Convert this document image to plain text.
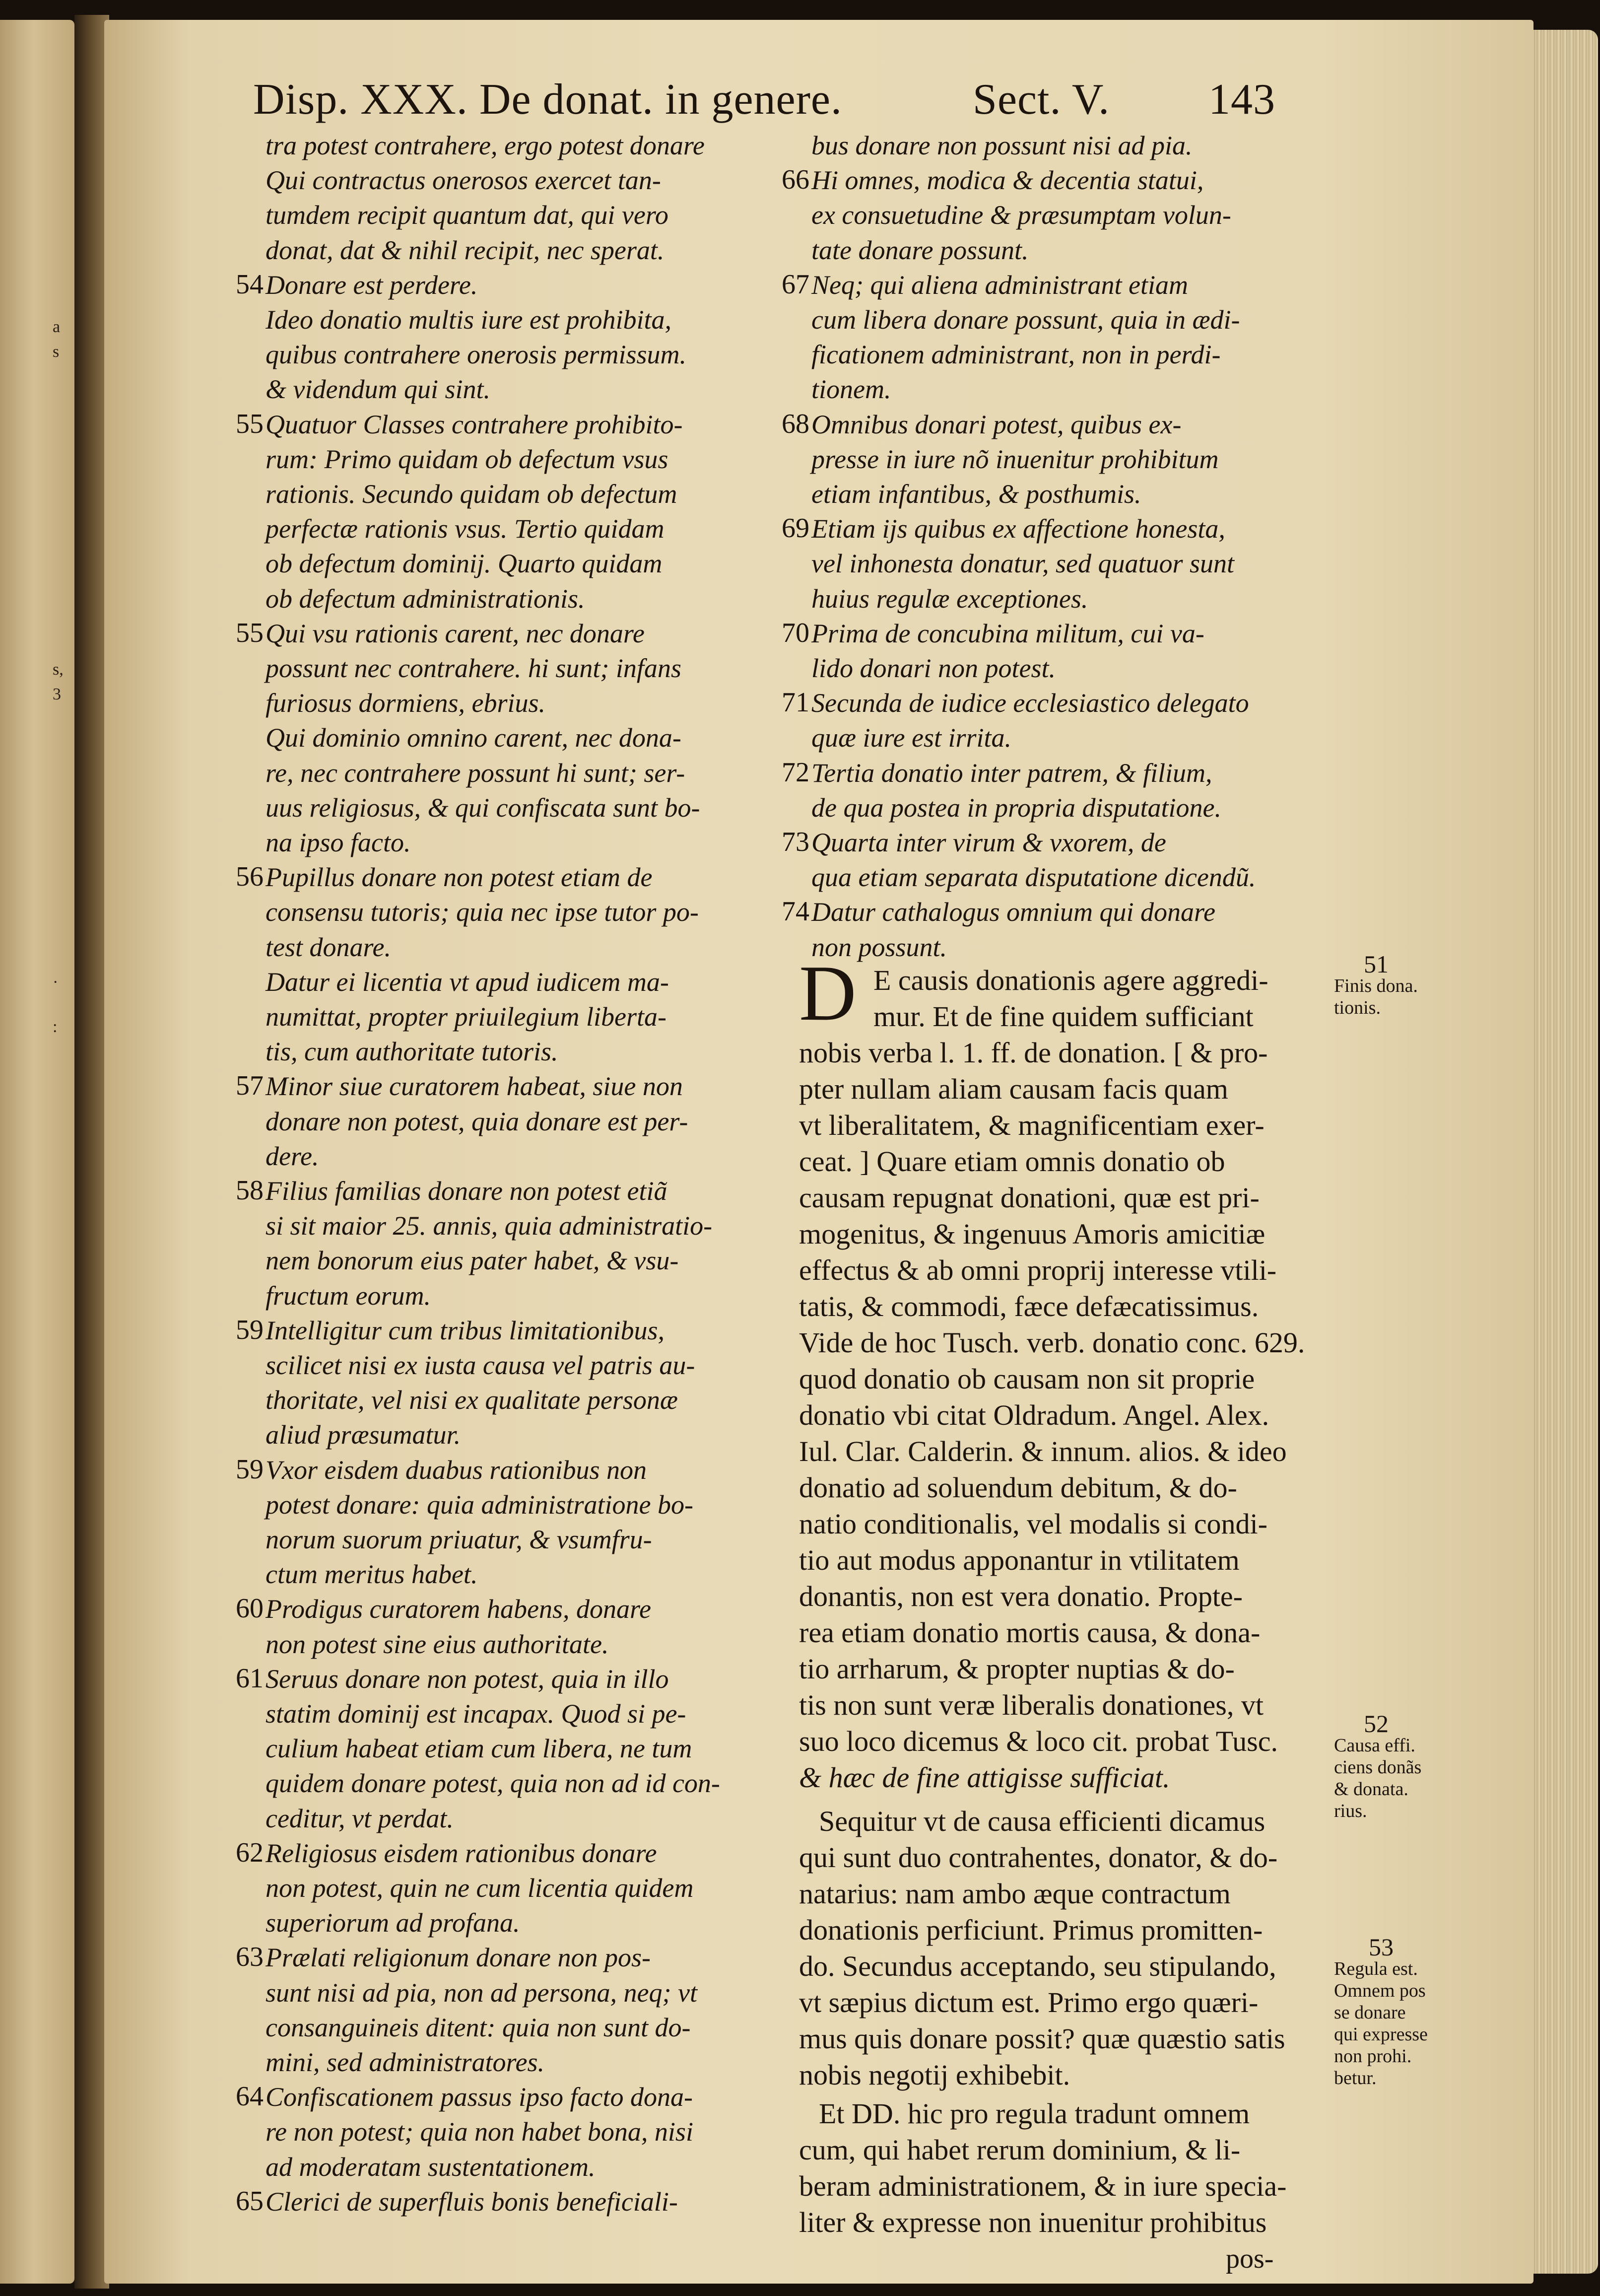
a
s
s,
3
·
:
Disp. XXX. De donat. in genere.	Sect. V. 143
tra potest contrahere, ergo potest donare
Qui contractus onerosos exercet tan-
tumdem recipit quantum dat, qui vero
donat, dat & nihil recipit, nec sperat.
54 Donare est perdere.
Ideo donatio multis iure est prohibita,
quibus contrahere onerosis permissum.
& videndum qui sint.
55 Quatuor Classes contrahere prohibito-
rum: Primo quidam ob defectum vsus
rationis. Secundo quidam ob defectum
perfectæ rationis vsus. Tertio quidam
ob defectum dominij. Quarto quidam
ob defectum administrationis.
55 Qui vsu rationis carent, nec donare
possunt nec contrahere. hi sunt; infans
furiosus dormiens, ebrius.
Qui dominio omnino carent, nec dona-
re, nec contrahere possunt hi sunt; ser-
uus religiosus, & qui confiscata sunt bo-
na ipso facto.
56 Pupillus donare non potest etiam de
consensu tutoris; quia nec ipse tutor po-
test donare.
Datur ei licentia vt apud iudicem ma-
numittat, propter priuilegium liberta-
tis, cum authoritate tutoris.
57 Minor siue curatorem habeat, siue non
donare non potest, quia donare est per-
dere.
58 Filius familias donare non potest etiã
si sit maior 25. annis, quia administratio-
nem bonorum eius pater habet, & vsu-
fructum eorum.
59 Intelligitur cum tribus limitationibus,
scilicet nisi ex iusta causa vel patris au-
thoritate, vel nisi ex qualitate personæ
aliud præsumatur.
59 Vxor eisdem duabus rationibus non
potest donare: quia administratione bo-
norum suorum priuatur, & vsumfru-
ctum meritus habet.
60 Prodigus curatorem habens, donare
non potest sine eius authoritate.
61 Seruus donare non potest, quia in illo
statim dominij est incapax. Quod si pe-
culium habeat etiam cum libera, ne tum
quidem donare potest, quia non ad id con-
ceditur, vt perdat.
62 Religiosus eisdem rationibus donare
non potest, quin ne cum licentia quidem
superiorum ad profana.
63 Prælati religionum donare non pos-
sunt nisi ad pia, non ad persona, neq; vt
consanguineis ditent: quia non sunt do-
mini, sed administratores.
64 Confiscationem passus ipso facto dona-
re non potest; quia non habet bona, nisi
ad moderatam sustentationem.
65 Clerici de superfluis bonis beneficiali-
bus donare non possunt nisi ad pia.
66 Hi omnes, modica & decentia statui,
ex consuetudine & præsumptam volun-
tate donare possunt.
67 Neq; qui aliena administrant etiam
cum libera donare possunt, quia in ædi-
ficationem administrant, non in perdi-
tionem.
68 Omnibus donari potest, quibus ex-
presse in iure nõ inuenitur prohibitum
etiam infantibus, & posthumis.
69 Etiam ijs quibus ex affectione honesta,
vel inhonesta donatur, sed quatuor sunt
huius regulæ exceptiones.
70 Prima de concubina militum, cui va-
lido donari non potest.
71 Secunda de iudice ecclesiastico delegato
quæ iure est irrita.
72 Tertia donatio inter patrem, & filium,
de qua postea in propria disputatione.
73 Quarta inter virum & vxorem, de
qua etiam separata disputatione dicendũ.
74 Datur cathalogus omnium qui donare
non possunt.
D E causis donationis agere aggredi-
mur. Et de fine quidem sufficiant
nobis verba l. 1. ff. de donation. [ & pro-
pter nullam aliam causam facis quam
vt liberalitatem, & magnificentiam exer-
ceat. ] Quare etiam omnis donatio ob
causam repugnat donationi, quæ est pri-
mogenitus, & ingenuus Amoris amicitiæ
effectus & ab omni proprij interesse vtili-
tatis, & commodi, fæce defæcatissimus.
Vide de hoc Tusch. verb. donatio conc. 629.
quod donatio ob causam non sit proprie
donatio vbi citat Oldradum. Angel. Alex.
Iul. Clar. Calderin. & innum. alios. & ideo
donatio ad soluendum debitum, & do-
natio conditionalis, vel modalis si condi-
tio aut modus apponantur in vtilitatem
donantis, non est vera donatio. Propte-
rea etiam donatio mortis causa, & dona-
tio arrharum, & propter nuptias & do-
tis non sunt veræ liberalis donationes, vt
suo loco dicemus & loco cit. probat Tusc.
& hæc de fine attigisse sufficiat.
Sequitur vt de causa efficienti dicamus
qui sunt duo contrahentes, donator, & do-
natarius: nam ambo æque contractum
donationis perficiunt. Primus promitten-
do. Secundus acceptando, seu stipulando,
vt sæpius dictum est. Primo ergo quæri-
mus quis donare possit? quæ quæstio satis
nobis negotij exhibebit.
Et DD. hic pro regula tradunt omnem
cum, qui habet rerum dominium, & li-
beram administrationem, & in iure specia-
liter & expresse non inuenitur prohibitus
pos-
51
Finis dona.
tionis.
52
Causa effi.
ciens donãs
& donata.
rius.
53
Regula est.
Omnem pos
se donare
qui expresse
non prohi.
betur.
